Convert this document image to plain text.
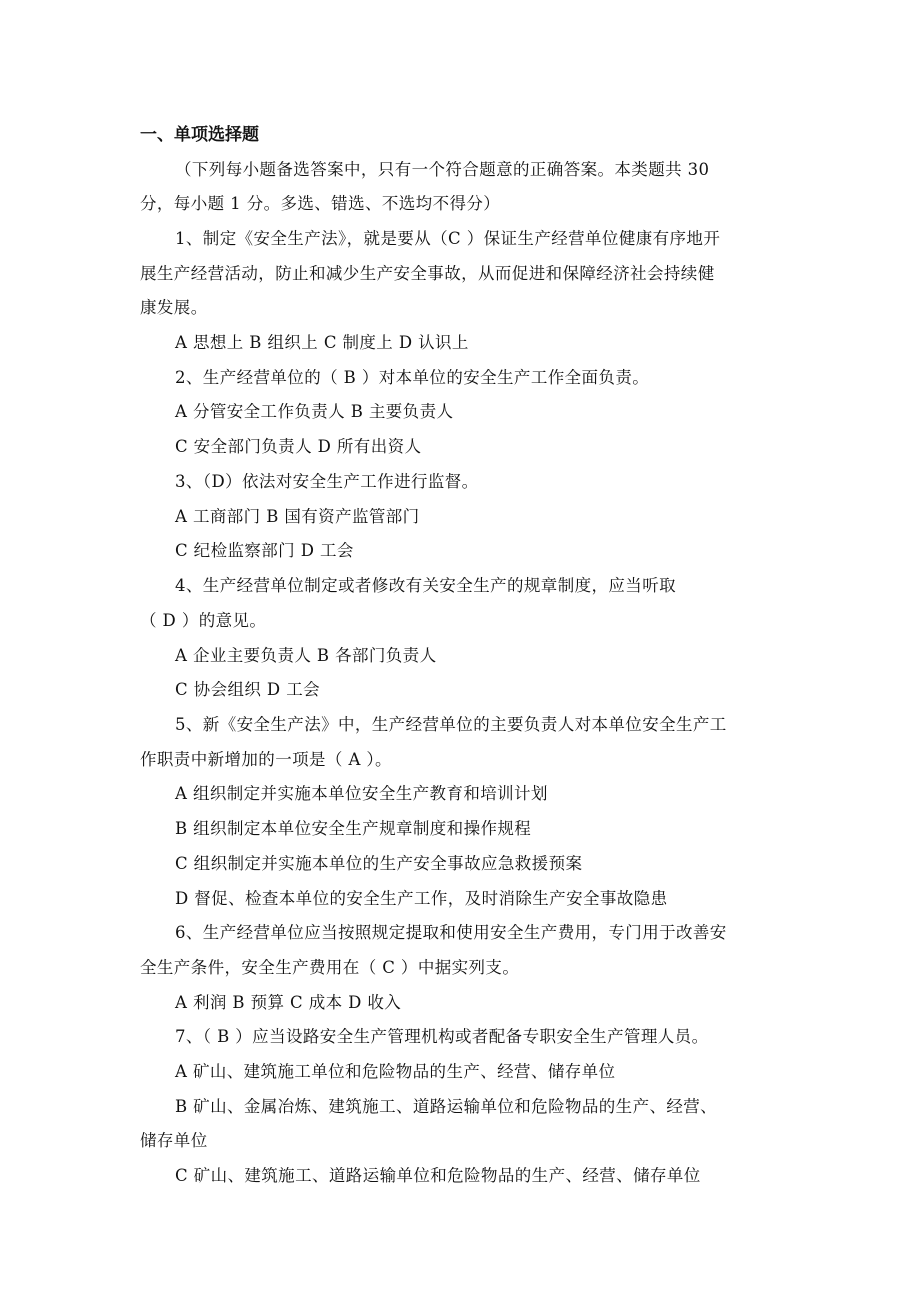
一、单项选择题
（下列每小题备选答案中，只有一个符合题意的正确答案。本类题共 30
分，每小题 1 分。多选、错选、不选均不得分）
1、制定《安全生产法》，就是要从（C ）保证生产经营单位健康有序地开
展生产经营活动，防止和减少生产安全事故，从而促进和保障经济社会持续健
康发展。
A 思想上 B 组织上 C 制度上 D 认识上
2、生产经营单位的（ B ）对本单位的安全生产工作全面负责。
A 分管安全工作负责人 B 主要负责人
C 安全部门负责人 D 所有出资人
3、（D）依法对安全生产工作进行监督。
A 工商部门 B 国有资产监管部门
C 纪检监察部门 D 工会
4、生产经营单位制定或者修改有关安全生产的规章制度，应当听取
（ D ）的意见。
A 企业主要负责人 B 各部门负责人
C 协会组织 D 工会
5、新《安全生产法》中，生产经营单位的主要负责人对本单位安全生产工
作职责中新增加的一项是（ A ）。
A 组织制定并实施本单位安全生产教育和培训计划
B 组织制定本单位安全生产规章制度和操作规程
C 组织制定并实施本单位的生产安全事故应急救援预案
D 督促、检查本单位的安全生产工作，及时消除生产安全事故隐患
6、生产经营单位应当按照规定提取和使用安全生产费用，专门用于改善安
全生产条件，安全生产费用在（ C ）中据实列支。
A 利润 B 预算 C 成本 D 收入
7、（ B ）应当设路安全生产管理机构或者配备专职安全生产管理人员。
A 矿山、建筑施工单位和危险物品的生产、经营、储存单位
B 矿山、金属冶炼、建筑施工、道路运输单位和危险物品的生产、经营、
储存单位
C 矿山、建筑施工、道路运输单位和危险物品的生产、经营、储存单位
